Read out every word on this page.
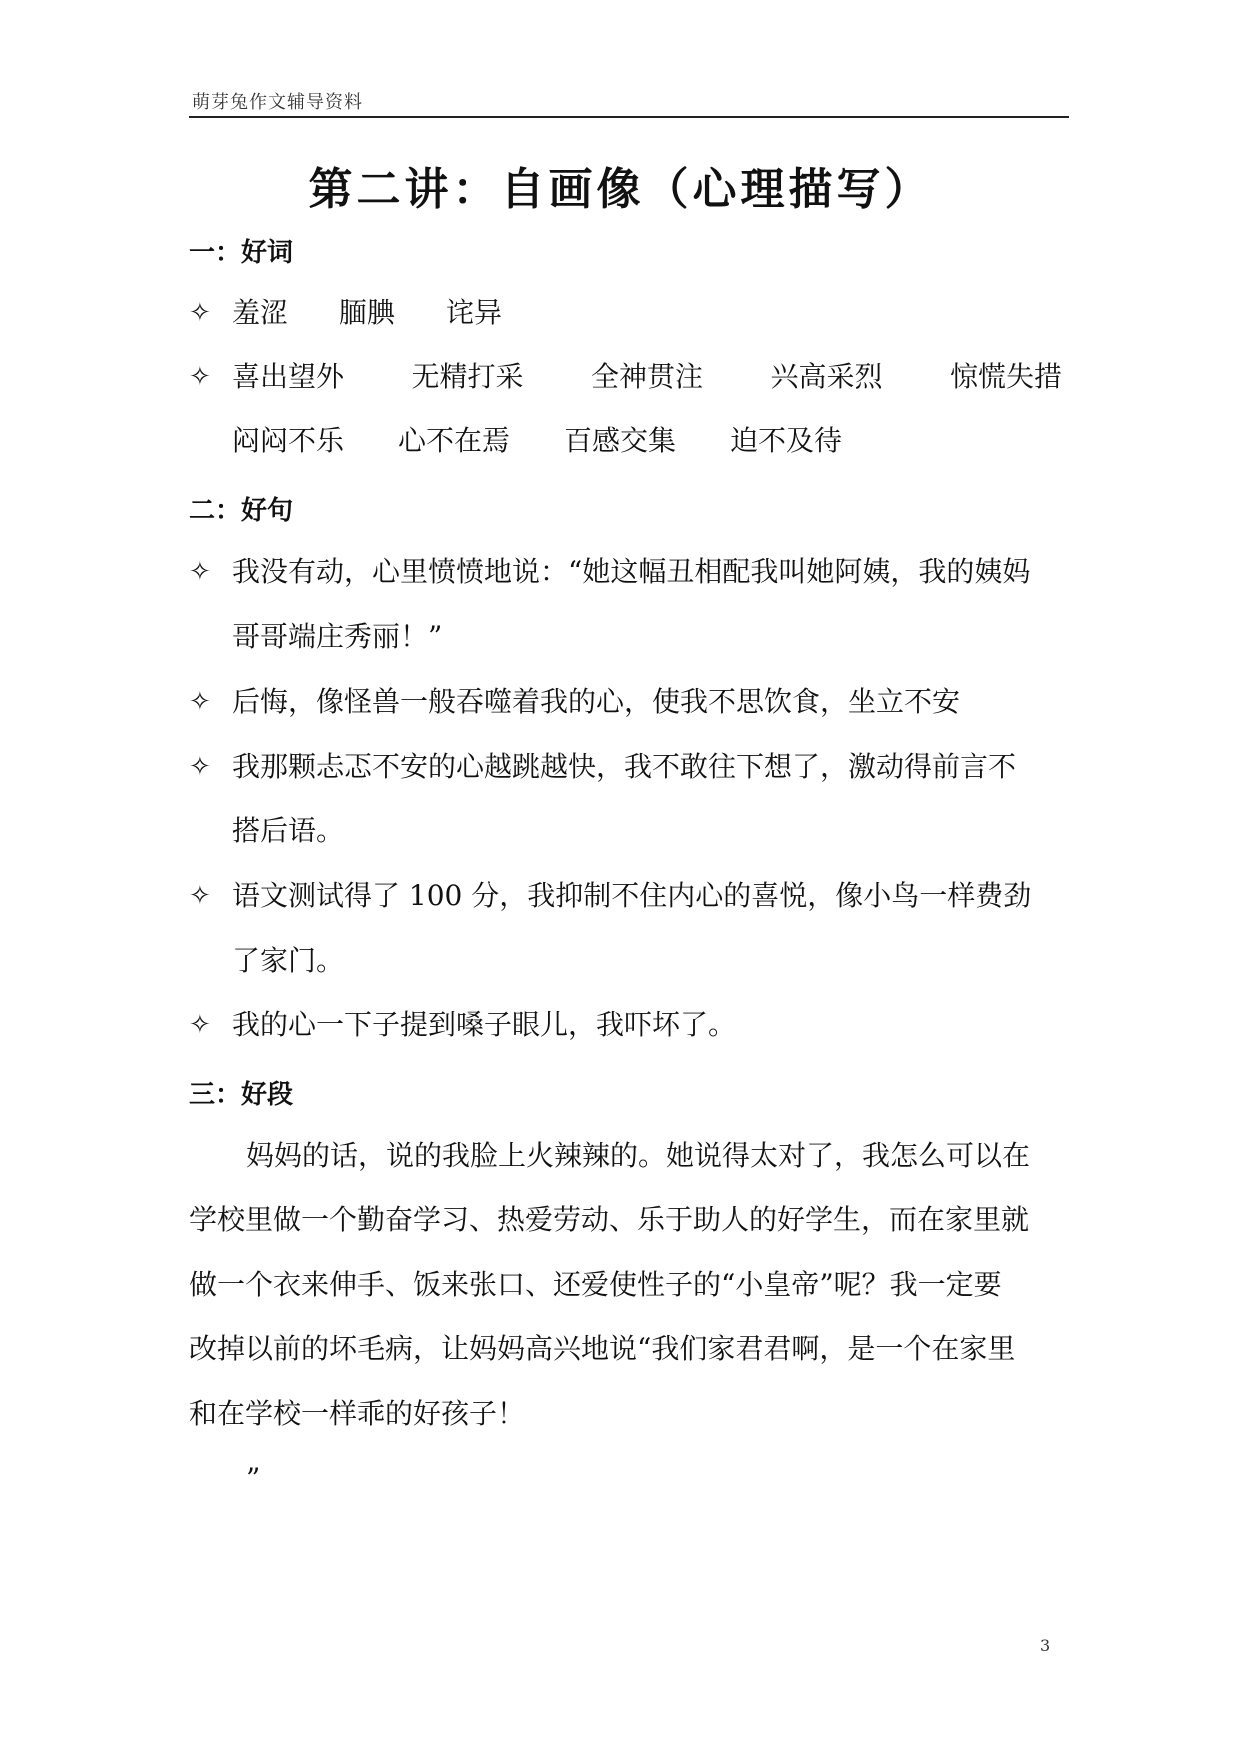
萌芽兔作文辅导资料
第二讲：自画像（心理描写）
一：好词
✧ 羞涩 腼腆 诧异
✧ 喜出望外 无精打采 全神贯注 兴高采烈 惊慌失措
闷闷不乐 心不在焉 百感交集 迫不及待
二：好句
✧ 我没有动，心里愤愤地说：“她这幅丑相配我叫她阿姨，我的姨妈
哥哥端庄秀丽！”
✧ 后悔，像怪兽一般吞噬着我的心，使我不思饮食，坐立不安
✧ 我那颗忐忑不安的心越跳越快，我不敢往下想了，激动得前言不
搭后语。
✧ 语文测试得了 100 分，我抑制不住内心的喜悦，像小鸟一样费劲
了家门。
✧ 我的心一下子提到嗓子眼儿，我吓坏了。
三：好段
妈妈的话，说的我脸上火辣辣的。她说得太对了，我怎么可以在
学校里做一个勤奋学习、热爱劳动、乐于助人的好学生，而在家里就
做一个衣来伸手、饭来张口、还爱使性子的“小皇帝”呢？我一定要
改掉以前的坏毛病，让妈妈高兴地说“我们家君君啊，是一个在家里
和在学校一样乖的好孩子！
”
3
